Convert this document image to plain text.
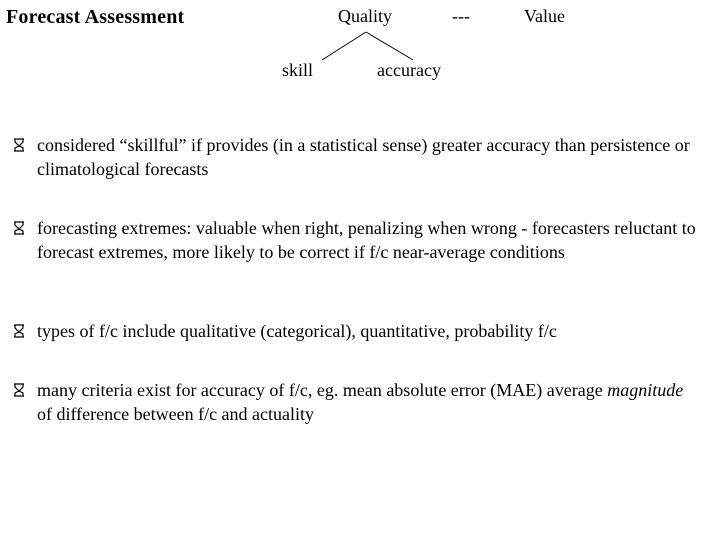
Forecast Assessment	Quality	---	Value
skill	accuracy
considered “skillful” if provides (in a statistical sense) greater accuracy than persistence or climatological forecasts
forecasting extremes: valuable when right, penalizing when wrong - forecasters reluctant to forecast extremes, more likely to be correct if f/c near-average conditions
types of f/c include qualitative (categorical), quantitative, probability f/c
many criteria exist for accuracy of f/c, eg. mean absolute error (MAE) average magnitude of difference between f/c and actuality
